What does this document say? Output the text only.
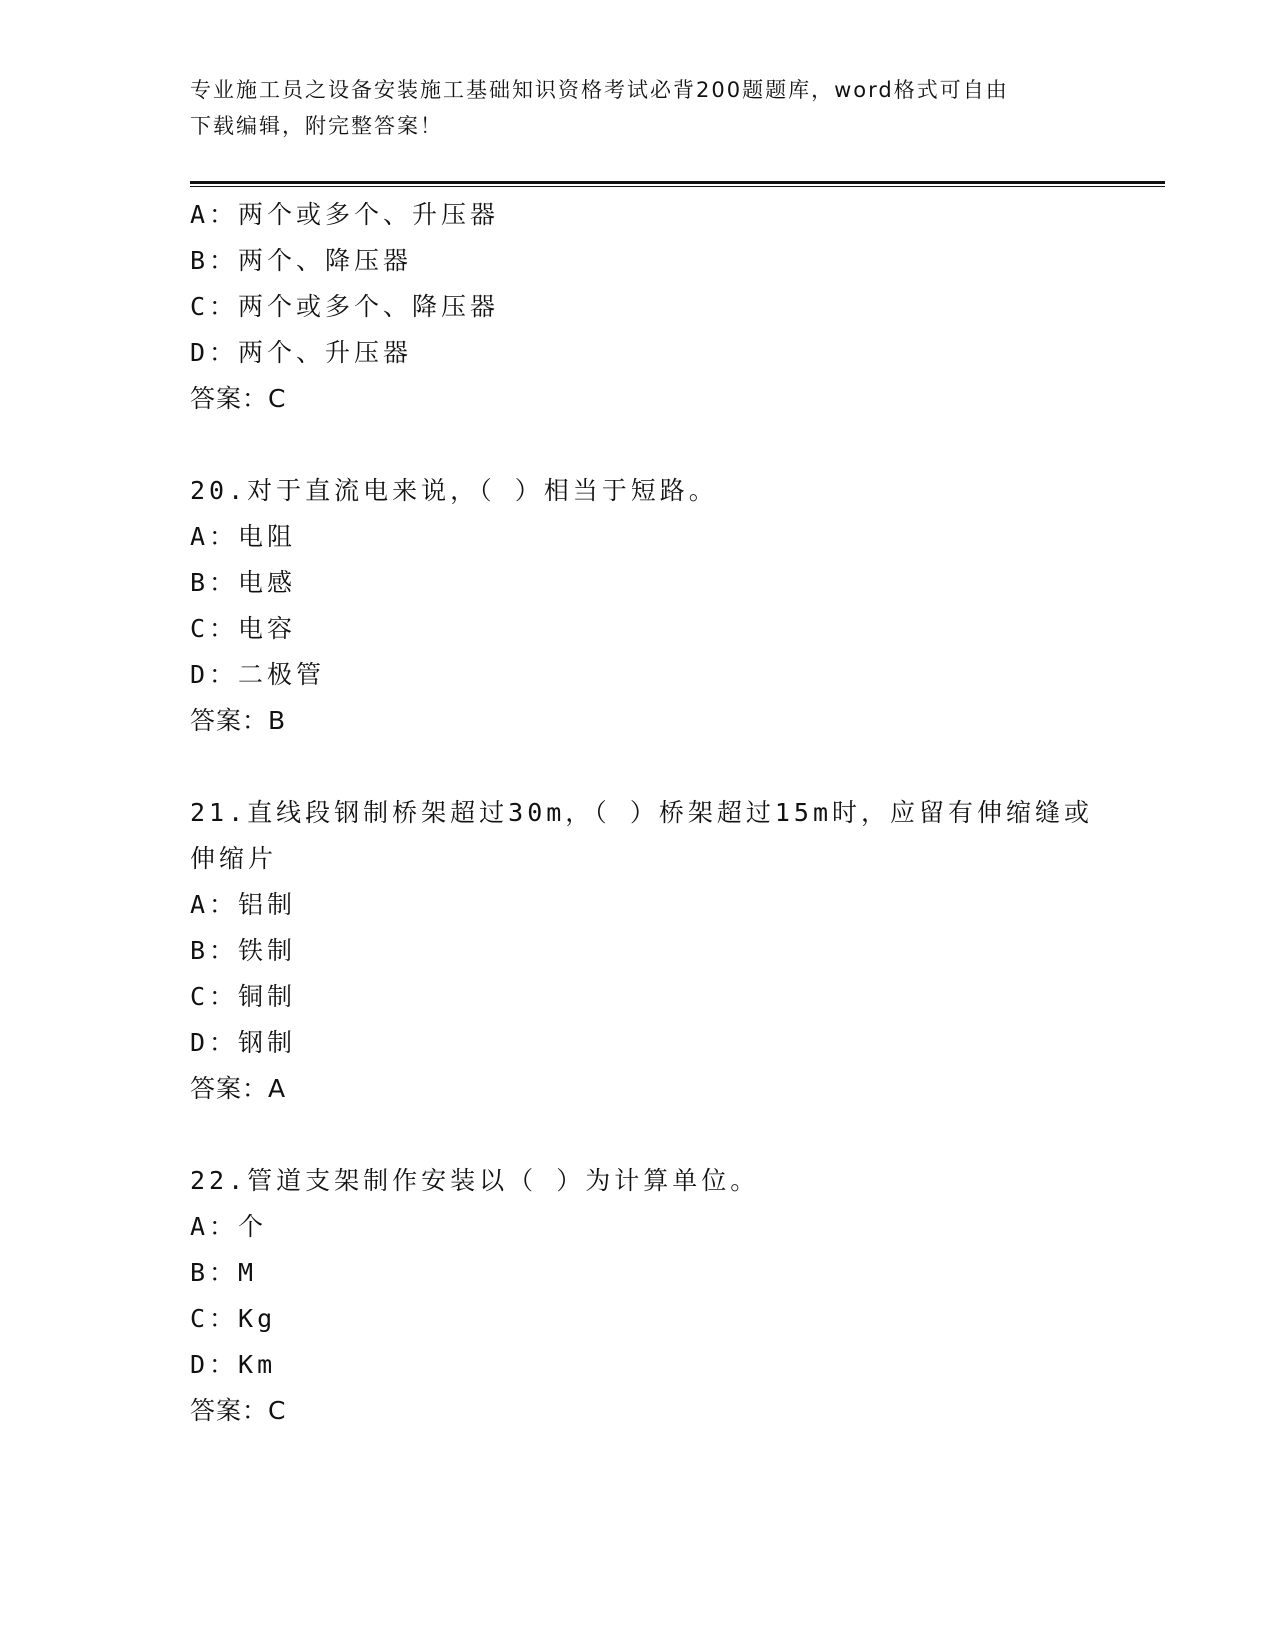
专业施工员之设备安装施工基础知识资格考试必背200题题库，word格式可自由
下载编辑，附完整答案！
A：两个或多个、升压器
B：两个、降压器
C：两个或多个、降压器
D：两个、升压器
答案：C
20.对于直流电来说，（ ）相当于短路。
A：电阻
B：电感
C：电容
D：二极管
答案：B
21.直线段钢制桥架超过30m，（ ）桥架超过15m时，应留有伸缩缝或
伸缩片
A：铝制
B：铁制
C：铜制
D：钢制
答案：A
22.管道支架制作安装以（ ）为计算单位。
A：个
B：M
C：Kg
D：Km
答案：C
